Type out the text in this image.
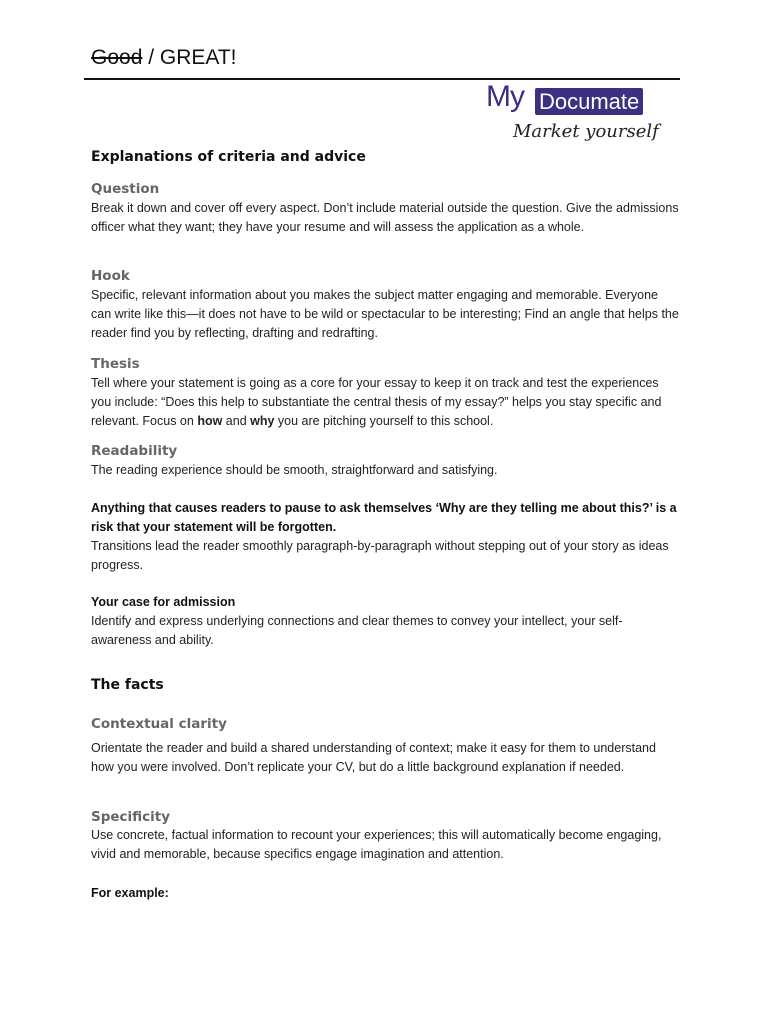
Good / GREAT!
My Documate
Market yourself
Explanations of criteria and advice
Question
Break it down and cover off every aspect. Don’t include material outside the question. Give the admissions officer what they want; they have your resume and will assess the application as a whole.
Hook
Specific, relevant information about you makes the subject matter engaging and memorable. Everyone can write like this—it does not have to be wild or spectacular to be interesting; Find an angle that helps the reader find you by reflecting, drafting and redrafting.
Thesis
Tell where your statement is going as a core for your essay to keep it on track and test the experiences you include: “Does this help to substantiate the central thesis of my essay?” helps you stay specific and relevant. Focus on how and why you are pitching yourself to this school.
Readability
The reading experience should be smooth, straightforward and satisfying.
Anything that causes readers to pause to ask themselves ‘Why are they telling me about this?’ is a risk that your statement will be forgotten.
Transitions lead the reader smoothly paragraph-by-paragraph without stepping out of your story as ideas progress.
Your case for admission
Identify and express underlying connections and clear themes to convey your intellect, your self-awareness and ability.
The facts
Contextual clarity
Orientate the reader and build a shared understanding of context; make it easy for them to understand how you were involved. Don’t replicate your CV, but do a little background explanation if needed.
Specificity
Use concrete, factual information to recount your experiences; this will automatically become engaging, vivid and memorable, because specifics engage imagination and attention.
For example:
